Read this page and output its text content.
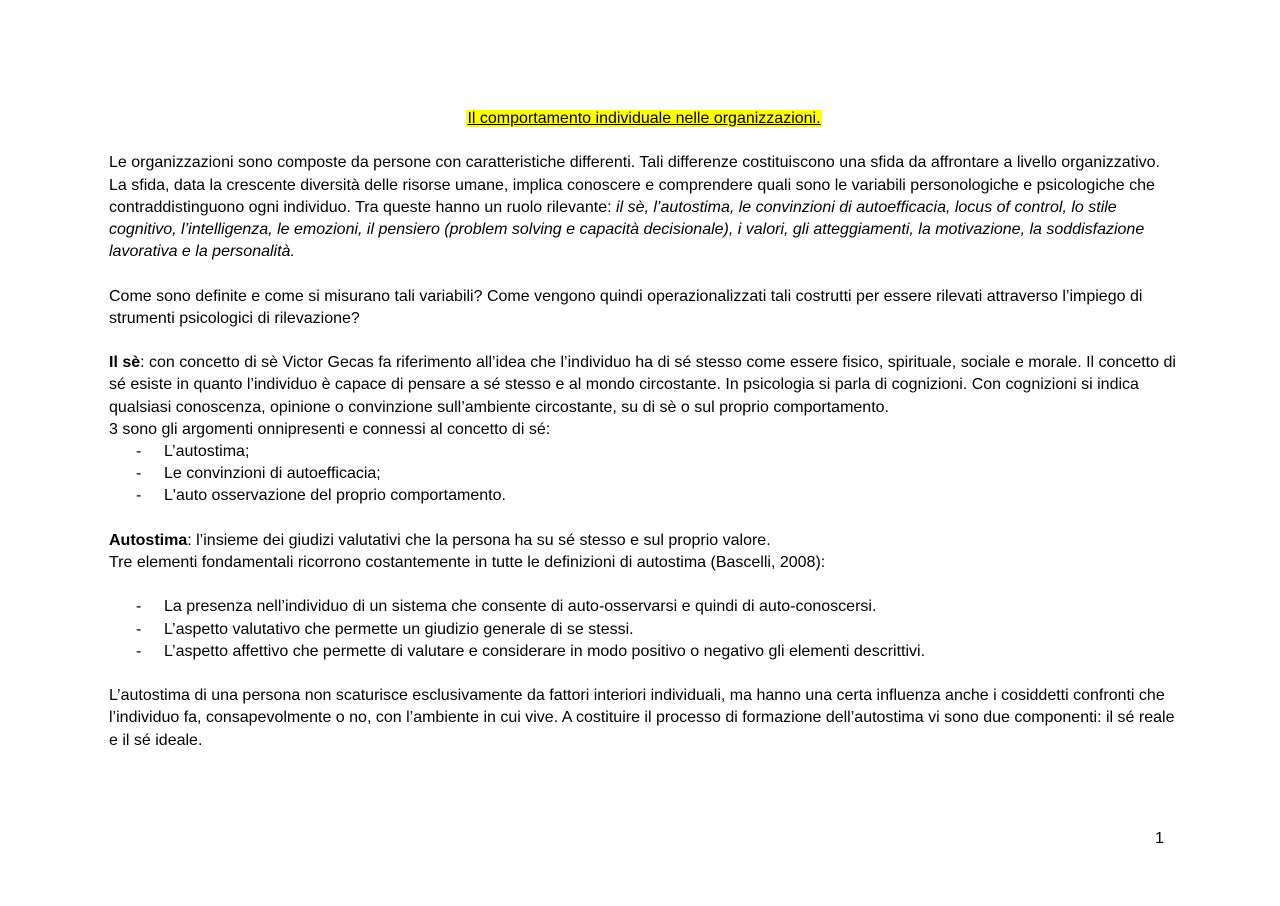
Il comportamento individuale nelle organizzazioni.

Le organizzazioni sono composte da persone con caratteristiche differenti. Tali differenze costituiscono una sfida da affrontare a livello organizzativo.

La sfida, data la crescente diversità delle risorse umane, implica conoscere e comprendere quali sono le variabili personologiche e psicologiche che contraddistinguono ogni individuo. Tra queste hanno un ruolo rilevante: il sè, l’autostima, le convinzioni di autoefficacia, locus of control, lo stile cognitivo, l’intelligenza, le emozioni, il pensiero (problem solving e capacità decisionale), i valori, gli atteggiamenti, la motivazione, la soddisfazione lavorativa e la personalità.

Come sono definite e come si misurano tali variabili? Come vengono quindi operazionalizzati tali costrutti per essere rilevati attraverso l’impiego di strumenti psicologici di rilevazione?

Il sè: con concetto di sè Victor Gecas fa riferimento all’idea che l’individuo ha di sé stesso come essere fisico, spirituale, sociale e morale. Il concetto di sé esiste in quanto l’individuo è capace di pensare a sé stesso e al mondo circostante. In psicologia si parla di cognizioni. Con cognizioni si indica qualsiasi conoscenza, opinione o convinzione sull’ambiente circostante, su di sè o sul proprio comportamento.

3 sono gli argomenti onnipresenti e connessi al concetto di sé:

- L’autostima;
- Le convinzioni di autoefficacia;
- L'auto osservazione del proprio comportamento.

Autostima: l’insieme dei giudizi valutativi che la persona ha su sé stesso e sul proprio valore.

Tre elementi fondamentali ricorrono costantemente in tutte le definizioni di autostima (Bascelli, 2008):

- La presenza nell’individuo di un sistema che consente di auto-osservarsi e quindi di auto-conoscersi.
- L’aspetto valutativo che permette un giudizio generale di se stessi.
- L’aspetto affettivo che permette di valutare e considerare in modo positivo o negativo gli elementi descrittivi.

L’autostima di una persona non scaturisce esclusivamente da fattori interiori individuali, ma hanno una certa influenza anche i cosiddetti confronti che l’individuo fa, consapevolmente o no, con l’ambiente in cui vive. A costituire il processo di formazione dell’autostima vi sono due componenti: il sé reale e il sé ideale.

1
